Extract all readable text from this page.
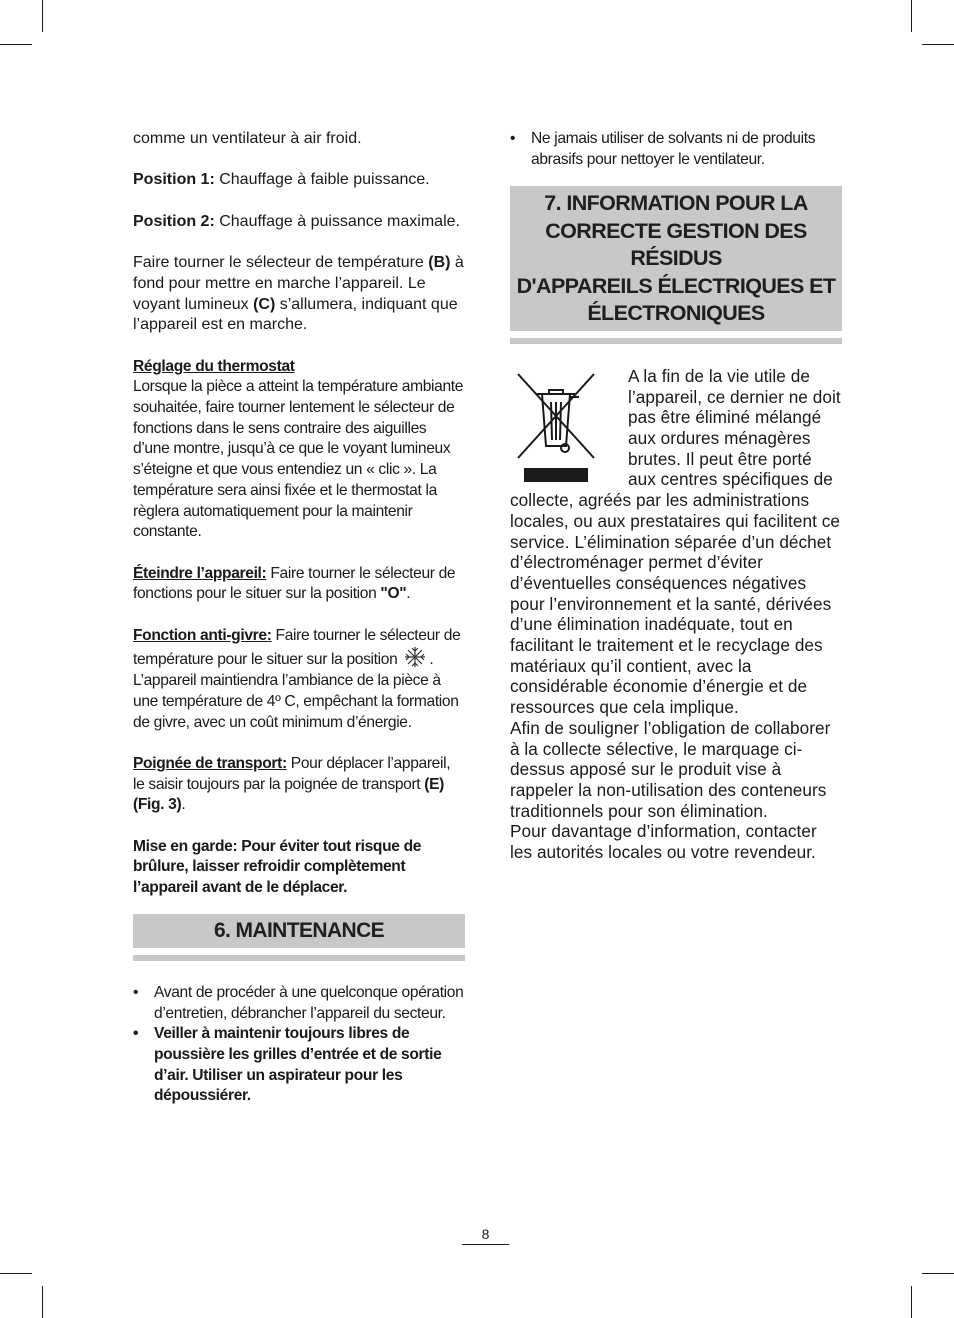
comme un ventilateur à air froid.

Position 1: Chauffage à faible puissance.

Position 2: Chauffage à puissance maximale.

Faire tourner le sélecteur de température (B) à fond pour mettre en marche l’appareil. Le voyant lumineux (C) s’allumera, indiquant que l’appareil est en marche.

Réglage du thermostat
Lorsque la pièce a atteint la température ambiante souhaitée, faire tourner lentement le sélecteur de fonctions dans le sens contraire des aiguilles d’une montre, jusqu’à ce que le voyant lumineux s’éteigne et que vous entendiez un « clic ». La température sera ainsi fixée et le thermostat la règlera automatiquement pour la maintenir constante.

Éteindre l’appareil: Faire tourner le sélecteur de fonctions pour le situer sur la position "O".

Fonction anti-givre: Faire tourner le sélecteur de température pour le situer sur la position . L’appareil maintiendra l’ambiance de la pièce à une température de 4º C, empêchant la formation de givre, avec un coût minimum d’énergie.

Poignée de transport: Pour déplacer l’appareil, le saisir toujours par la poignée de transport (E) (Fig. 3).

Mise en garde: Pour éviter tout risque de brûlure, laisser refroidir complètement l’appareil avant de le déplacer.

6. MAINTENANCE
• Avant de procéder à une quelconque opération d’entretien, débrancher l’appareil du secteur.
• Veiller à maintenir toujours libres de poussière les grilles d’entrée et de sortie d’air. Utiliser un aspirateur pour les dépoussiérer.
• Ne jamais utiliser de solvants ni de produits abrasifs pour nettoyer le ventilateur.
7. INFORMATION POUR LA
CORRECTE GESTION DES RÉSIDUS
D'APPAREILS ÉLECTRIQUES ET
ÉLECTRONIQUES
A la fin de la vie utile de l’appareil, ce dernier ne doit pas être éliminé mélangé aux ordures ménagères brutes. Il peut être porté aux centres spécifiques de collecte, agréés par les administrations locales, ou aux prestataires qui facilitent ce service. L’élimination séparée d’un déchet d’électroménager permet d’éviter d’éventuelles conséquences négatives pour l’environnement et la santé, dérivées d’une élimination inadéquate, tout en facilitant le traitement et le recyclage des matériaux qu’il contient, avec la considérable économie d’énergie et de ressources que cela implique.
Afin de souligner l’obligation de collaborer à la collecte sélective, le marquage ci-dessus apposé sur le produit vise à rappeler la non-utilisation des conteneurs traditionnels pour son élimination.
Pour davantage d’information, contacter les autorités locales ou votre revendeur.
8
